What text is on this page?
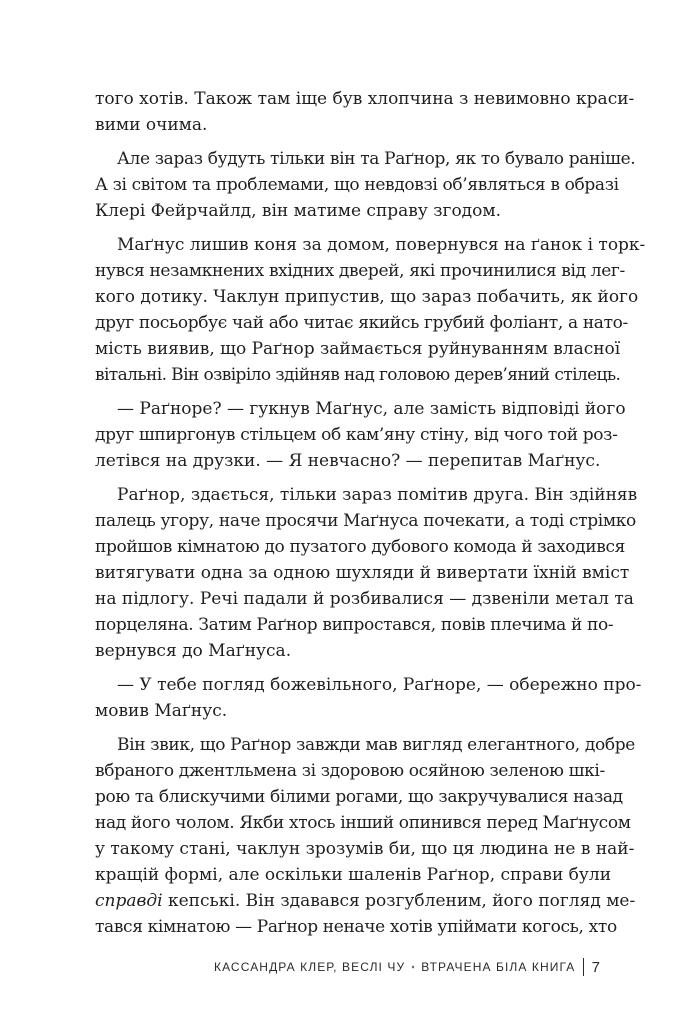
того хотів. Також там іще був хлопчина з невимовно краси-
вими очима.
Але зараз будуть тільки він та Раґнор, як то бувало раніше.
А зі світом та проблемами, що невдовзі об’являться в образі
Клері Фейрчайлд, він матиме справу згодом.
Маґнус лишив коня за домом, повернувся на ґанок і торк-
нувся незамкнених вхідних дверей, які прочинилися від лег-
кого дотику. Чаклун припустив, що зараз побачить, як його
друг посьорбує чай або читає якийсь грубий фоліант, а натo-
мість виявив, що Раґнор займається руйнуванням власної
вітальні. Він озвіріло здійняв над головою дерев’яний стілець.
— Раґноре? — гукнув Маґнус, але замість відповіді його
друг шпиргонув стільцем об кам’яну стіну, від чого той роз-
летівся на друзки. — Я невчасно? — перепитав Маґнус.
Раґнор, здається, тільки зараз помітив друга. Він здійняв
палець угору, наче просячи Маґнуса почекати, а тоді стрімко
пройшов кімнатою до пузатого дубового комода й заходився
витягувати одна за одною шухляди й вивертати їхній вміст
на підлогу. Речі падали й розбивалися — дзвеніли метал та
порцеляна. Затим Раґнор випростався, повів плечима й по-
вернувся до Маґнуса.
— У тебе погляд божевільного, Раґноре, — обережно про-
мовив Маґнус.
Він звик, що Раґнор завжди мав вигляд елегантного, добре
вбраного джентльмена зі здоровою осяйною зеленою шкі-
рою та блискучими білими рогами, що закручувалися назад
над його чолом. Якби хтось інший опинився перед Маґнусом
у такому стані, чаклун зрозумів би, що ця людина не в най-
кращій формі, але оскільки шаленів Раґнор, справи були
справді кепські. Він здавався розгубленим, його погляд ме-
тався кімнатою — Раґнор неначе хотів упіймати когось, хто
КАССАНДРА КЛЕР, ВЕСЛІ ЧУ ВТРАЧЕНА БІЛА КНИГА 7
